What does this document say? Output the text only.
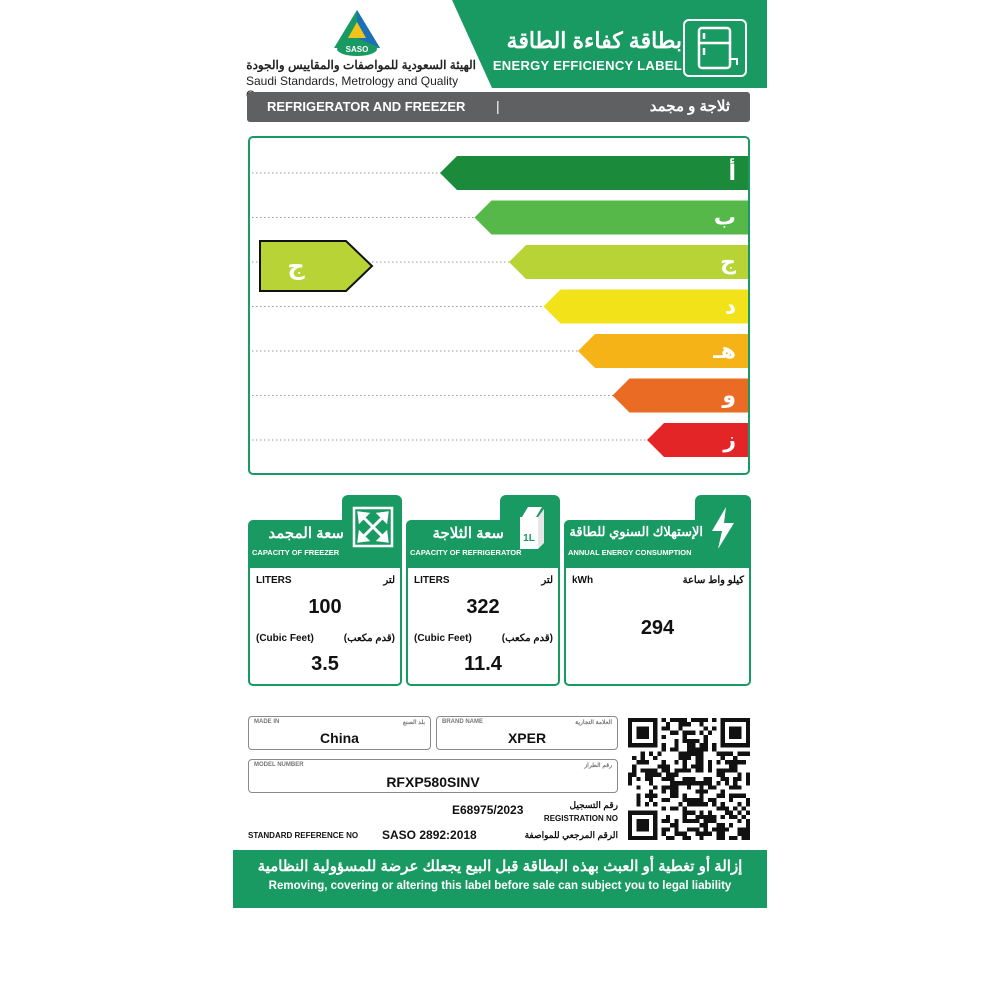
بطاقة كفاءة الطاقة
ENERGY EFFICIENCY LABEL
SASO
الهيئة السعودية للمواصفات والمقاييس والجودة
Saudi Standards, Metrology and Quality
REFRIGERATOR AND FREEZER |	ثلاجة و مجمد
أ
ب
ج
د
هـ
و
ز
ج
سعة المجمد
CAPACITY OF FREEZER
LITERS	لتر
100
(Cubic Feet)	(قدم مكعب)
3.5
1L
سعة الثلاجة
CAPACITY OF REFRIGERATOR
LITERS	لتر
322
(Cubic Feet)	(قدم مكعب)
11.4
الإستهلاك السنوي للطاقة
ANNUAL ENERGY CONSUMPTION
kWh	كيلو واط ساعة
294
MADE IN	بلد الصنع
China
BRAND NAME	العلامة التجارية
XPER
MODEL NUMBER	رقم الطراز
RFXP580SINV
E68975/2023	رقم التسجيل
REGISTRATION NO
STANDARD REFERENCE NO SASO 2892:2018	الرقم المرجعي للمواصفة
إزالة أو تغطية أو العبث بهذه البطاقة قبل البيع يجعلك عرضة للمسؤولية النظامية
Removing, covering or altering this label before sale can subject you to legal liability
